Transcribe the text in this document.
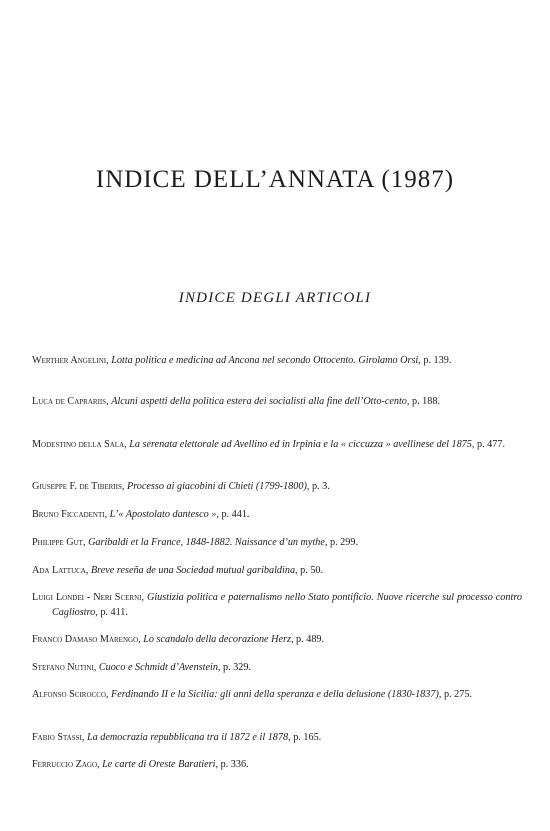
INDICE DELL’ANNATA (1987)
INDICE DEGLI ARTICOLI

Werther Angelini, Lotta politica e medicina ad Ancona nel secondo Ottocento. Girolamo Orsi, p. 139.

Luca de Caprariis, Alcuni aspetti della politica estera dei socialisti alla fine dell’Otto-cento, p. 188.

Modestino della Sala, La serenata elettorale ad Avellino ed in Irpinia e la « ciccuzza » avellinese del 1875, p. 477.

Giuseppe F. de Tiberiis, Processo ai giacobini di Chieti (1799-1800), p. 3.

Bruno Ficcadenti, L’« Apostolato dantesco », p. 441.

Philippe Gut, Garibaldi et la France, 1848-1882. Naissance d’un mythe, p. 299.

Ada Lattuca, Breve reseña de una Sociedad mutual garibaldina, p. 50.

Luigi Londei - Neri Scerni, Giustizia politica e paternalismo nello Stato pontificio. Nuove ricerche sul processo contro Cagliostro, p. 411.

Franco Damaso Marengo, Lo scandalo della decorazione Herz, p. 489.

Stefano Nutini, Cuoco e Schmidt d’Avenstein, p. 329.

Alfonso Scirocco, Ferdinando II e la Sicilia: gli anni della speranza e della delusione (1830-1837), p. 275.

Fabio Stassi, La democrazia repubblicana tra il 1872 e il 1878, p. 165.

Ferruccio Zago, Le carte di Oreste Baratieri, p. 336.
